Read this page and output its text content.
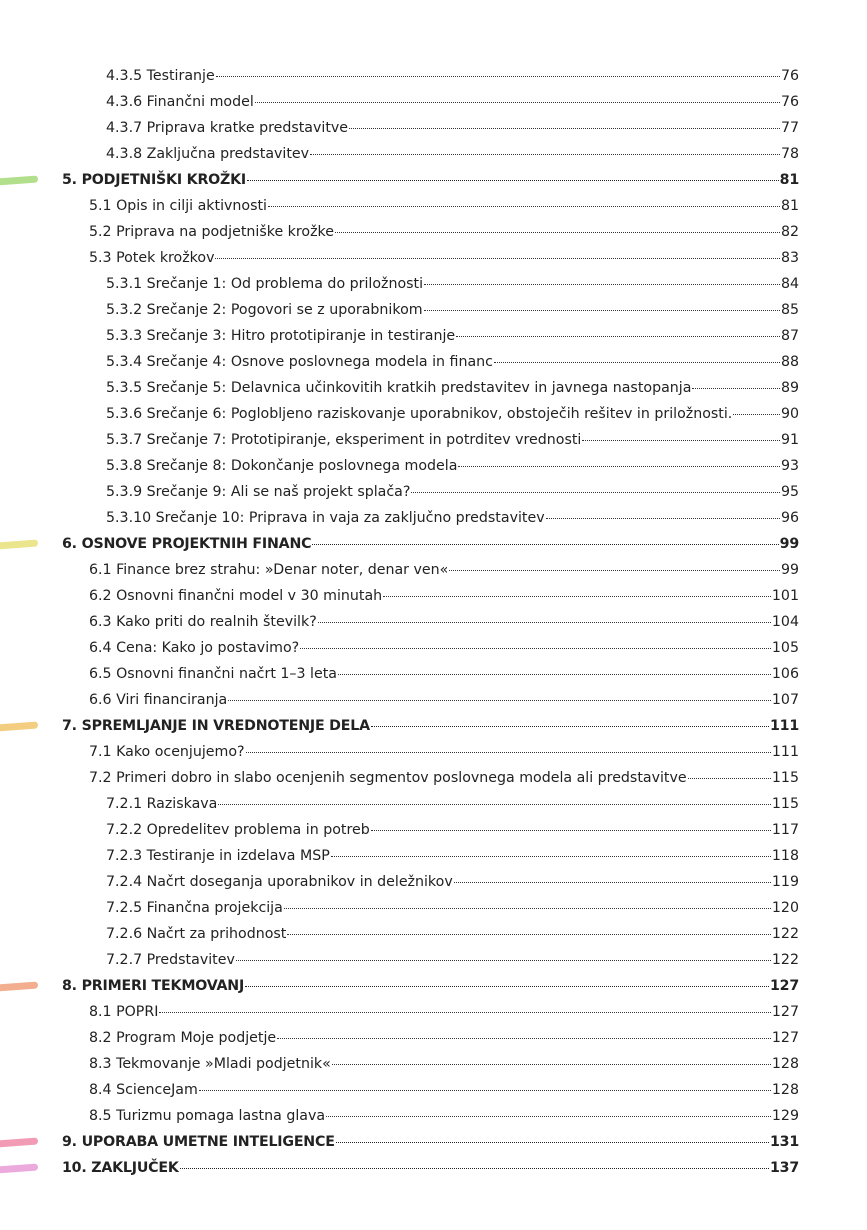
4.3.5 Testiranje	76
4.3.6 Finančni model	76
4.3.7 Priprava kratke predstavitve	77
4.3.8 Zaključna predstavitev	78
5. PODJETNIŠKI KROŽKI	81
5.1 Opis in cilji aktivnosti	81
5.2 Priprava na podjetniške krožke	82
5.3 Potek krožkov	83
5.3.1 Srečanje 1: Od problema do priložnosti	84
5.3.2 Srečanje 2: Pogovori se z uporabnikom	85
5.3.3 Srečanje 3: Hitro prototipiranje in testiranje	87
5.3.4 Srečanje 4: Osnove poslovnega modela in financ	88
5.3.5 Srečanje 5: Delavnica učinkovitih kratkih predstavitev in javnega nastopanja	89
5.3.6 Srečanje 6: Poglobljeno raziskovanje uporabnikov, obstoječih rešitev in priložnosti.	90
5.3.7 Srečanje 7: Prototipiranje, eksperiment in potrditev vrednosti	91
5.3.8 Srečanje 8: Dokončanje poslovnega modela	93
5.3.9 Srečanje 9: Ali se naš projekt splača?	95
5.3.10 Srečanje 10: Priprava in vaja za zaključno predstavitev	96
6. OSNOVE PROJEKTNIH FINANC	99
6.1 Finance brez strahu: »Denar noter, denar ven«	99
6.2 Osnovni finančni model v 30 minutah	101
6.3 Kako priti do realnih številk?	104
6.4 Cena: Kako jo postavimo?	105
6.5 Osnovni finančni načrt 1–3 leta	106
6.6 Viri financiranja	107
7. SPREMLJANJE IN VREDNOTENJE DELA	111
7.1 Kako ocenjujemo?	111
7.2 Primeri dobro in slabo ocenjenih segmentov poslovnega modela ali predstavitve	115
7.2.1 Raziskava	115
7.2.2 Opredelitev problema in potreb	117
7.2.3 Testiranje in izdelava MSP	118
7.2.4 Načrt doseganja uporabnikov in deležnikov	119
7.2.5 Finančna projekcija	120
7.2.6 Načrt za prihodnost	122
7.2.7 Predstavitev	122
8. PRIMERI TEKMOVANJ	127
8.1 POPRI	127
8.2 Program Moje podjetje	127
8.3 Tekmovanje »Mladi podjetnik«	128
8.4 ScienceJam	128
8.5 Turizmu pomaga lastna glava	129
9. UPORABA UMETNE INTELIGENCE	131
10. ZAKLJUČEK	137
